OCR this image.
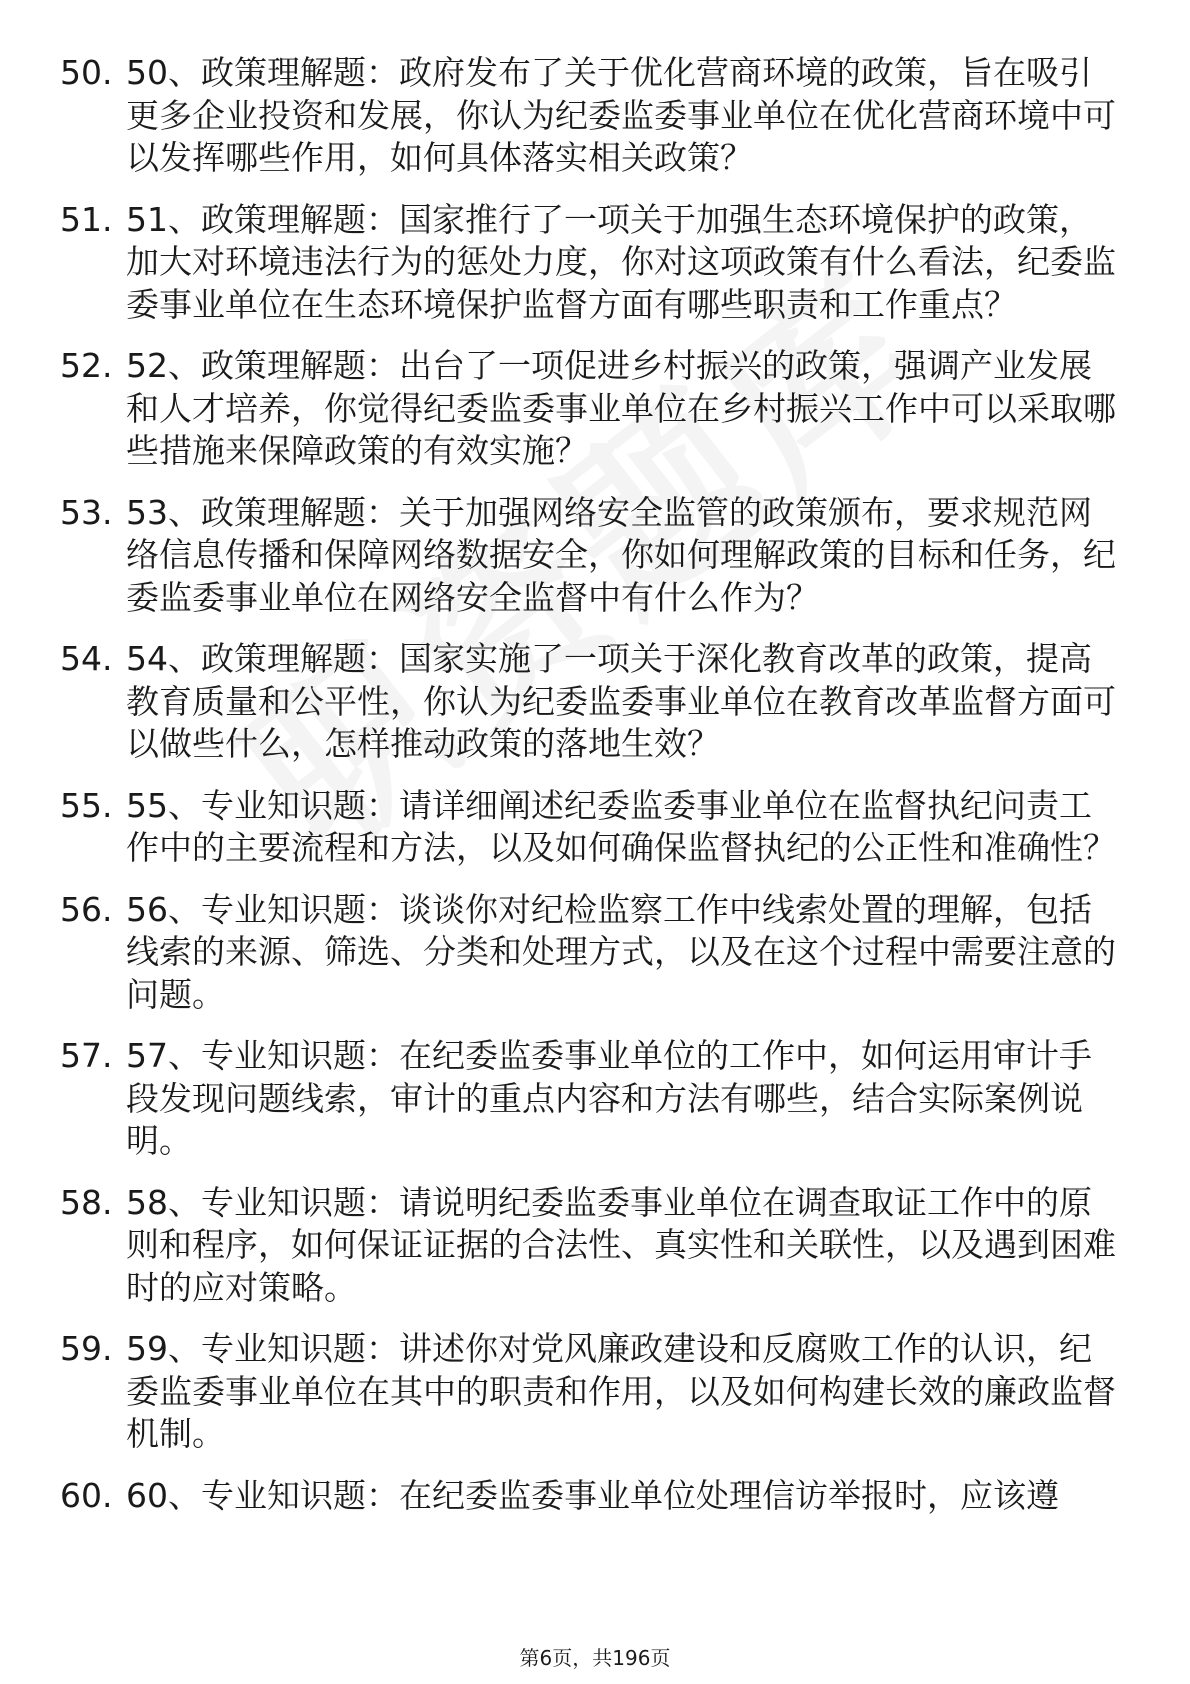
50. 50、政策理解题：政府发布了关于优化营商环境的政策，旨在吸引更多企业投资和发展，你认为纪委监委事业单位在优化营商环境中可以发挥哪些作用，如何具体落实相关政策？
51. 51、政策理解题：国家推行了一项关于加强生态环境保护的政策，加大对环境违法行为的惩处力度，你对这项政策有什么看法，纪委监委事业单位在生态环境保护监督方面有哪些职责和工作重点？
52. 52、政策理解题：出台了一项促进乡村振兴的政策，强调产业发展和人才培养，你觉得纪委监委事业单位在乡村振兴工作中可以采取哪些措施来保障政策的有效实施？
53. 53、政策理解题：关于加强网络安全监管的政策颁布，要求规范网络信息传播和保障网络数据安全，你如何理解政策的目标和任务，纪委监委事业单位在网络安全监督中有什么作为？
54. 54、政策理解题：国家实施了一项关于深化教育改革的政策，提高教育质量和公平性，你认为纪委监委事业单位在教育改革监督方面可以做些什么，怎样推动政策的落地生效？
55. 55、专业知识题：请详细阐述纪委监委事业单位在监督执纪问责工作中的主要流程和方法，以及如何确保监督执纪的公正性和准确性？
56. 56、专业知识题：谈谈你对纪检监察工作中线索处置的理解，包括线索的来源、筛选、分类和处理方式，以及在这个过程中需要注意的问题。
57. 57、专业知识题：在纪委监委事业单位的工作中，如何运用审计手段发现问题线索，审计的重点内容和方法有哪些，结合实际案例说明。
58. 58、专业知识题：请说明纪委监委事业单位在调查取证工作中的原则和程序，如何保证证据的合法性、真实性和关联性，以及遇到困难时的应对策略。
59. 59、专业知识题：讲述你对党风廉政建设和反腐败工作的认识，纪委监委事业单位在其中的职责和作用，以及如何构建长效的廉政监督机制。
60. 60、专业知识题：在纪委监委事业单位处理信访举报时，应该遵
第6页，共196页
